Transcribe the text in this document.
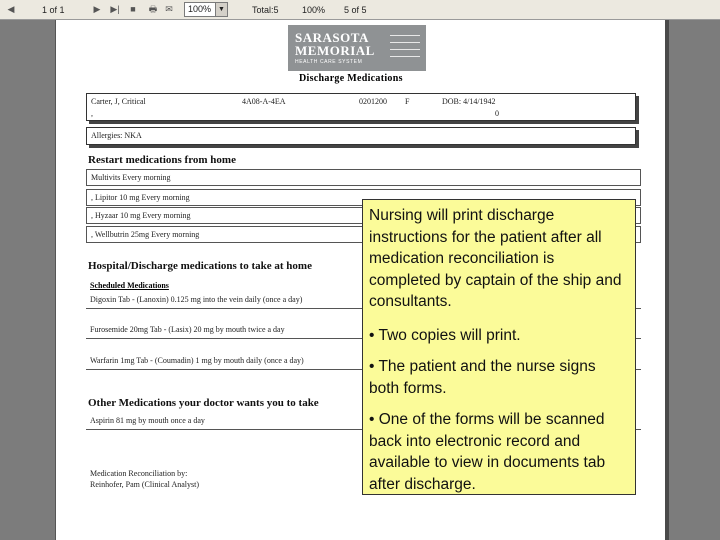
◀	1 of 1	▶	▶|	■	🖶 ✉	100%	▼	Total:5	100% 5 of 5
SARASOTA
MEMORIAL
HEALTH CARE SYSTEM
Discharge Medications
Carter, J, Critical	4A08-A-4EA	0201200 F	DOB: 4/14/1942
,	0
Allergies: NKA
Restart medications from home
Multivits Every morning
, Lipitor 10 mg Every morning
, Hyzaar 10 mg Every morning
, Wellbutrin 25mg Every morning
Hospital/Discharge medications to take at home
Scheduled Medications
Digoxin Tab - (Lanoxin) 0.125 mg into the vein daily (once a day)
Furosemide 20mg Tab - (Lasix) 20 mg by mouth twice a day
Warfarin 1mg Tab - (Coumadin) 1 mg by mouth daily (once a day)
Other Medications your doctor wants you to take
Aspirin 81 mg by mouth once a day
Medication Reconciliation by:
Reinhofer, Pam (Clinical Analyst)

Nursing will print discharge instructions for the patient after all medication reconciliation is completed by captain of the ship and consultants.

• Two copies will print.

• The patient and the nurse signs both forms.

• One of the forms will be scanned back into electronic record and available to view in documents tab after discharge.
